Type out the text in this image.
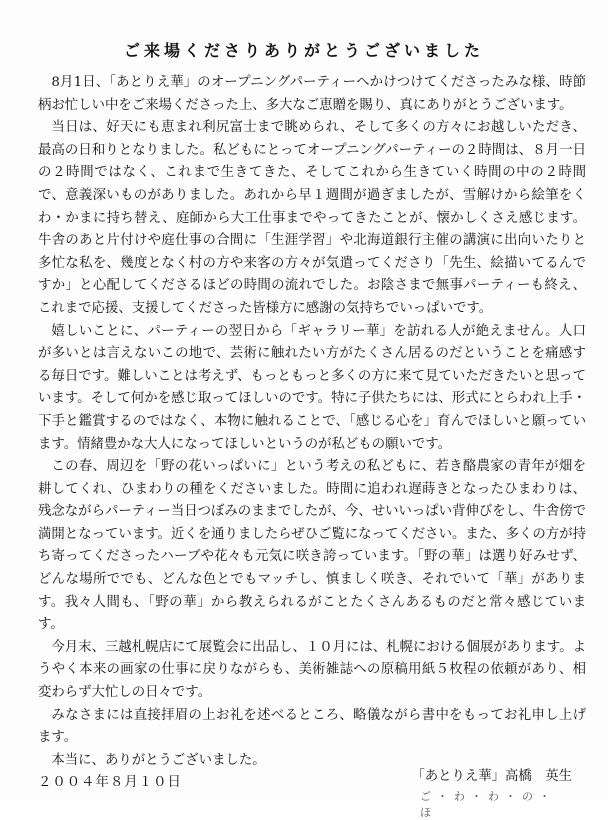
ご来場くださりありがとうございました

8月1日、「あとりえ華」のオープニングパーティーへかけつけてくださったみな様、時節柄お忙しい中をご来場くださった上、多大なご恵贈を賜り、真にありがとうございます。

当日は、好天にも恵まれ利尻富士まで眺められ、そして多くの方々にお越しいただき、最高の日和りとなりました。私どもにとってオープニングパーティーの２時間は、８月一日の２時間ではなく、これまで生きてきた、そしてこれから生きていく時間の中の２時間で、意義深いものがありました。あれから早１週間が過ぎましたが、雪解けから絵筆をくわ・かまに持ち替え、庭師から大工仕事までやってきたことが、懐かしくさえ感じます。牛舎のあと片付けや庭仕事の合間に「生涯学習」や北海道銀行主催の講演に出向いたりと多忙な私を、幾度となく村の方や来客の方々が気遣ってくださり「先生、絵描いてるんですか」と心配してくださるほどの時間の流れでした。お陰さまで無事パーティーも終え、これまで応援、支援してくださった皆様方に感謝の気持ちでいっぱいです。

嬉しいことに、パーティーの翌日から「ギャラリー華」を訪れる人が絶えません。人口が多いとは言えないこの地で、芸術に触れたい方がたくさん居るのだということを痛感する毎日です。難しいことは考えず、もっともっと多くの方に来て見ていただきたいと思っています。そして何かを感じ取ってほしいのです。特に子供たちには、形式にとらわれ上手・下手と鑑賞するのではなく、本物に触れることで、「感じる心を」育んでほしいと願っています。情緒豊かな大人になってほしいというのが私どもの願いです。

この春、周辺を「野の花いっぱいに」という考えの私どもに、若き酪農家の青年が畑を耕してくれ、ひまわりの種をくださいました。時間に追われ遅蒔きとなったひまわりは、残念ながらパーティー当日つぼみのままでしたが、今、せいいっぱい背伸びをし、牛舎傍で満開となっています。近くを通りましたらぜひご覧になってください。また、多くの方が持ち寄ってくださったハーブや花々も元気に咲き誇っています。「野の華」は選り好みせず、どんな場所ででも、どんな色とでもマッチし、慎ましく咲き、それでいて「華」があります。我々人間も、「野の華」から教えられるがことたくさんあるものだと常々感じています。

今月末、三越札幌店にて展覧会に出品し、１０月には、札幌における個展があります。ようやく本来の画家の仕事に戻りながらも、美術雑誌への原稿用紙５枚程の依頼があり、相変わらず大忙しの日々です。

みなさまには直接拝眉の上お礼を述べるところ、略儀ながら書中をもってお礼申し上げます。

本当に、ありがとうございました。

２００４年８月１０日	「あとりえ華」高橋　英生
ご・わ・わ・の・ほ
